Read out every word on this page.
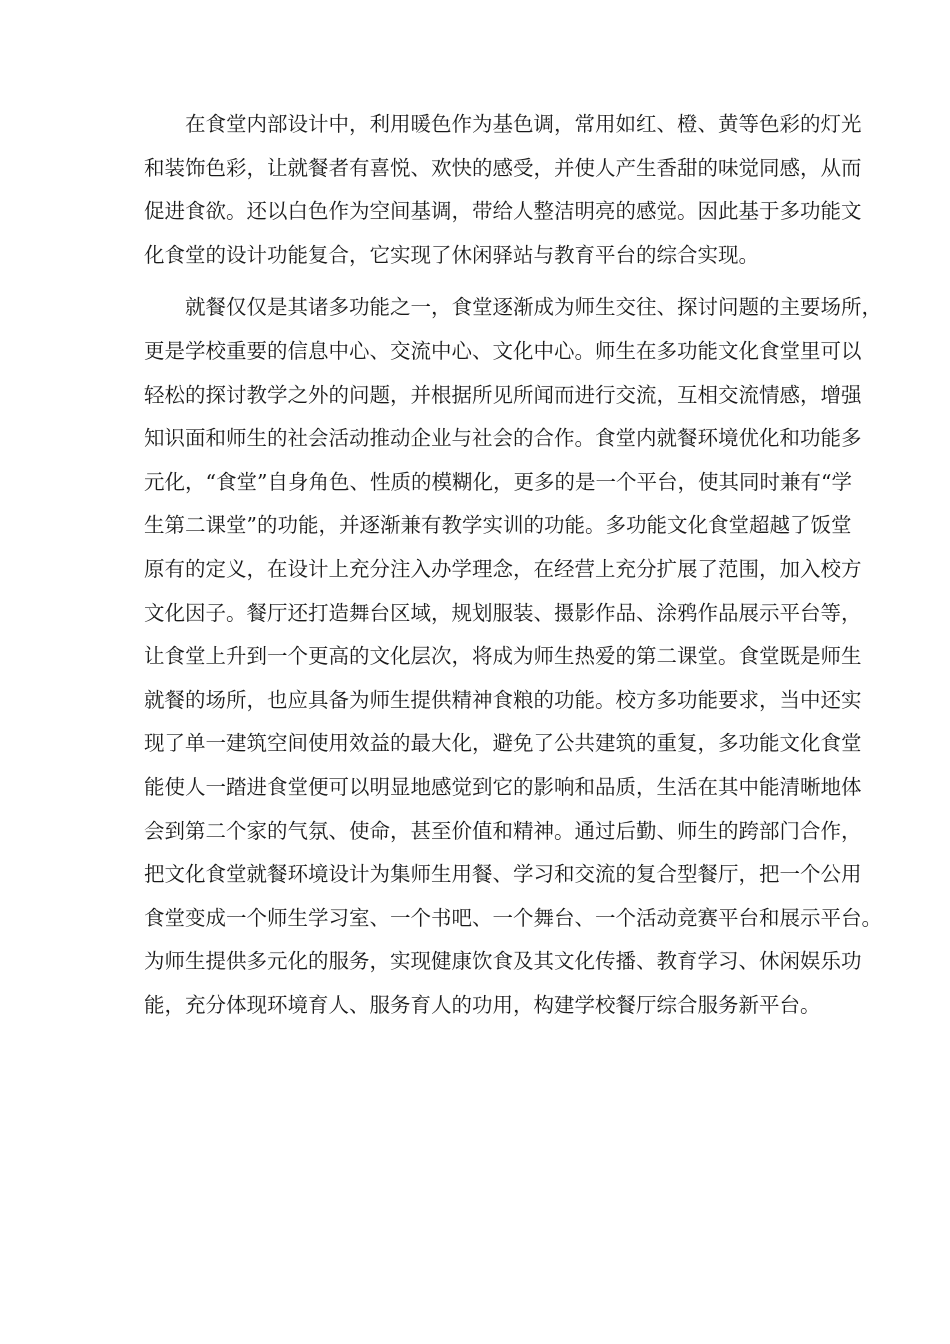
在食堂内部设计中，利用暖色作为基色调，常用如红、橙、黄等色彩的灯光
和装饰色彩，让就餐者有喜悦、欢快的感受，并使人产生香甜的味觉同感，从而
促进食欲。还以白色作为空间基调，带给人整洁明亮的感觉。因此基于多功能文
化食堂的设计功能复合，它实现了休闲驿站与教育平台的综合实现。
就餐仅仅是其诸多功能之一，食堂逐渐成为师生交往、探讨问题的主要场所，
更是学校重要的信息中心、交流中心、文化中心。师生在多功能文化食堂里可以
轻松的探讨教学之外的问题，并根据所见所闻而进行交流，互相交流情感，增强
知识面和师生的社会活动推动企业与社会的合作。食堂内就餐环境优化和功能多
元化，“食堂”自身角色、性质的模糊化，更多的是一个平台，使其同时兼有“学
生第二课堂”的功能，并逐渐兼有教学实训的功能。多功能文化食堂超越了饭堂
原有的定义，在设计上充分注入办学理念，在经营上充分扩展了范围，加入校方
文化因子。餐厅还打造舞台区域，规划服装、摄影作品、涂鸦作品展示平台等，
让食堂上升到一个更高的文化层次，将成为师生热爱的第二课堂。食堂既是师生
就餐的场所，也应具备为师生提供精神食粮的功能。校方多功能要求，当中还实
现了单一建筑空间使用效益的最大化，避免了公共建筑的重复，多功能文化食堂
能使人一踏进食堂便可以明显地感觉到它的影响和品质，生活在其中能清晰地体
会到第二个家的气氛、使命，甚至价值和精神。通过后勤、师生的跨部门合作，
把文化食堂就餐环境设计为集师生用餐、学习和交流的复合型餐厅，把一个公用
食堂变成一个师生学习室、一个书吧、一个舞台、一个活动竞赛平台和展示平台。
为师生提供多元化的服务，实现健康饮食及其文化传播、教育学习、休闲娱乐功
能，充分体现环境育人、服务育人的功用，构建学校餐厅综合服务新平台。
